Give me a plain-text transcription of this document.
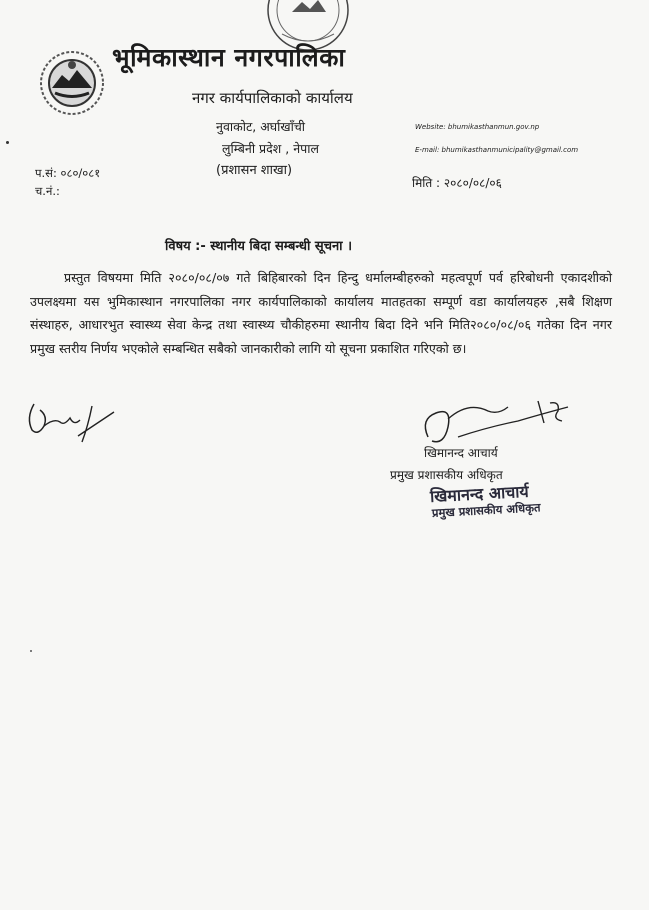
भूमिकास्थान नगरपालिका
नगर कार्यपालिकाको कार्यालय
नुवाकोट, अर्घाखाँची
लुम्बिनी प्रदेश , नेपाल
(प्रशासन शाखा)
Website: bhumikasthanmun.gov.np
E-mail: bhumikasthanmunicipality@gmail.com
प.सं: ०८०/०८१
च.नं.:
मिति : २०८०/०८/०६
विषय :- स्थानीय बिदा सम्बन्धी सूचना ।
प्रस्तुत विषयमा मिति २०८०/०८/०७ गते बिहिबारको दिन हिन्दु धर्मालम्बीहरुको महत्वपूर्ण पर्व हरिबोधनी एकादशीको उपलक्ष्यमा यस भुमिकास्थान नगरपालिका नगर कार्यपालिकाको कार्यालय मातहतका सम्पूर्ण वडा कार्यालयहरु ,सबै शिक्षण संस्थाहरु, आधारभुत स्वास्थ्य सेवा केन्द्र तथा स्वास्थ्य चौकीहरुमा स्थानीय बिदा दिने भनि मिति२०८०/०८/०६ गतेका दिन नगर प्रमुख स्तरीय निर्णय भएकोले सम्बन्धित सबैको जानकारीको लागि यो सूचना प्रकाशित गरिएको छ।
खिमानन्द आचार्य
प्रमुख प्रशासकीय अधिकृत
खिमानन्द आचार्य
प्रमुख प्रशासकीय अधिकृत
